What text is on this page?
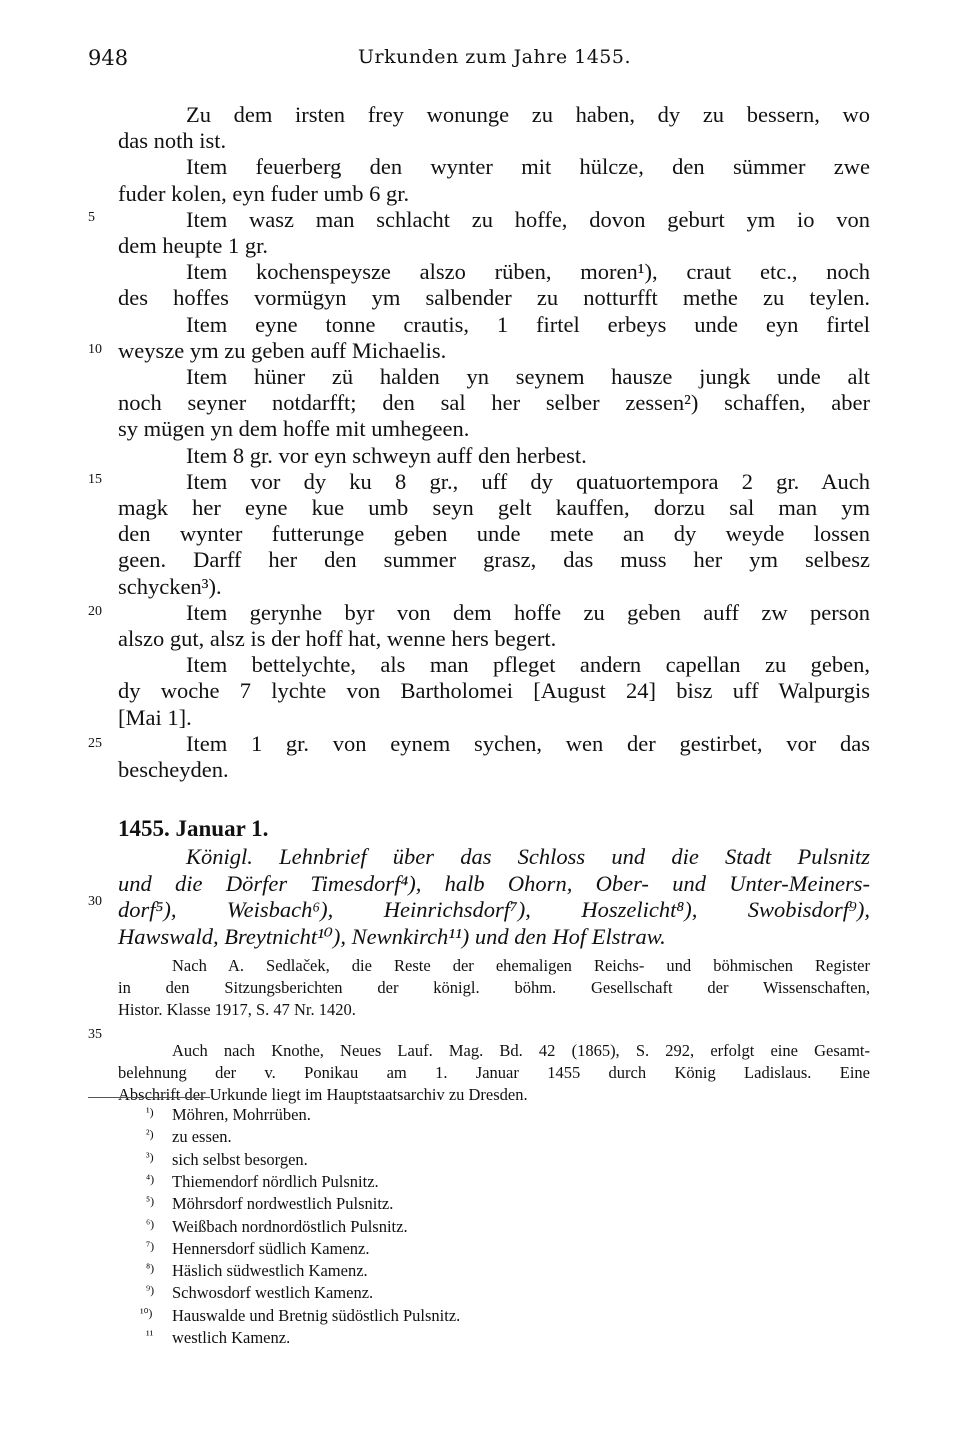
948	Urkunden zum Jahre 1455.
Zu dem irsten frey wonunge zu haben, dy zu bessern, wo
das noth ist.
Item feuerberg den wynter mit hülcze, den sümmer zwe
fuder kolen, eyn fuder umb 6 gr.
Item wasz man schlacht zu hoffe, dovon geburt ym io von
dem heupte 1 gr.
Item kochenspeysze alszo rüben, moren¹), craut etc., noch
des hoffes vormügyn ym salbender zu notturfft methe zu teylen.
Item eyne tonne crautis, 1 firtel erbeys unde eyn firtel
weysze ym zu geben auff Michaelis.
Item hüner zü halden yn seynem hausze jungk unde alt
noch seyner notdarfft; den sal her selber zessen²) schaffen, aber
sy mügen yn dem hoffe mit umhegeen.
Item 8 gr. vor eyn schweyn auff den herbest.
Item vor dy ku 8 gr., uff dy quatuortempora 2 gr. Auch
magk her eyne kue umb seyn gelt kauffen, dorzu sal man ym
den wynter futterunge geben unde mete an dy weyde lossen
geen. Darff her den summer grasz, das muss her ym selbesz
schycken³).
Item gerynhe byr von dem hoffe zu geben auff zw person
alszo gut, alsz is der hoff hat, wenne hers begert.
Item bettelychte, als man pfleget andern capellan zu geben,
dy woche 7 lychte von Bartholomei [August 24] bisz uff Walpurgis
[Mai 1].
Item 1 gr. von eynem sychen, wen der gestirbet, vor das
bescheyden.
5
10
15
20
25
30
35
1455. Januar 1.
Königl. Lehnbrief über das Schloss und die Stadt Pulsnitz
und die Dörfer Timesdorf⁴), halb Ohorn, Ober- und Unter-Meiners-
dorf⁵), Weisbach⁶), Heinrichsdorf⁷), Hoszelicht⁸), Swobisdorf⁹),
Hawswald, Breytnicht¹⁰), Newnkirch¹¹) und den Hof Elstraw.
Nach A. Sedlaček, die Reste der ehemaligen Reichs- und böhmischen Register
in den Sitzungsberichten der königl. böhm. Gesellschaft der Wissenschaften,
Histor. Klasse 1917, S. 47 Nr. 1420.
Auch nach Knothe, Neues Lauf. Mag. Bd. 42 (1865), S. 292, erfolgt eine Gesamt-
belehnung der v. Ponikau am 1. Januar 1455 durch König Ladislaus. Eine
Abschrift der Urkunde liegt im Hauptstaatsarchiv zu Dresden.
¹) Möhren, Mohrrüben.
²) zu essen.
³) sich selbst besorgen.
⁴) Thiemendorf nördlich Pulsnitz.
⁵) Möhrsdorf nordwestlich Pulsnitz.
⁶) Weißbach nordnordöstlich Pulsnitz.
⁷) Hennersdorf südlich Kamenz.
⁸) Häslich südwestlich Kamenz.
⁹) Schwosdorf westlich Kamenz.
¹⁰) Hauswalde und Bretnig südöstlich Pulsnitz.
¹¹ westlich Kamenz.
